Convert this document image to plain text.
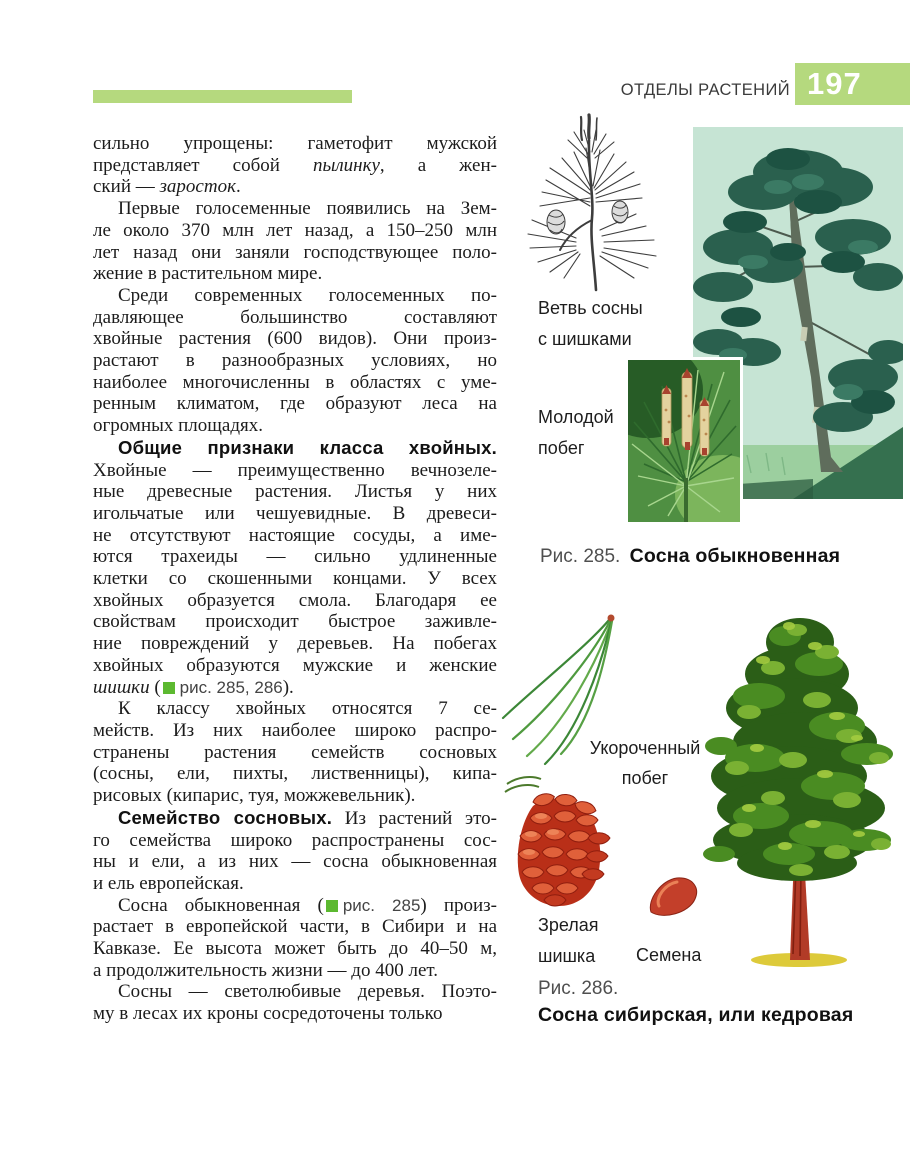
ОТДЕЛЫ РАСТЕНИЙ 197
сильно упрощены: гаметофит мужской
представляет собой пылинку, а жен-
ский — заросток.
Первые голосеменные появились на Зем-
ле около 370 млн лет назад, а 150–250 млн
лет назад они заняли господствующее поло-
жение в растительном мире.
Среди современных голосеменных по-
давляющее большинство составляют
хвойные растения (600 видов). Они произ-
растают в разнообразных условиях, но
наиболее многочисленны в областях с уме-
ренным климатом, где образуют леса на
огромных площадях.
Общие признаки класса хвойных.
Хвойные — преимущественно вечнозеле-
ные древесные растения. Листья у них
игольчатые или чешуевидные. В древеси-
не отсутствуют настоящие сосуды, а име-
ются трахеиды — сильно удлиненные
клетки со скошенными концами. У всех
хвойных образуется смола. Благодаря ее
свойствам происходит быстрое заживле-
ние повреждений у деревьев. На побегах
хвойных образуются мужские и женские
шишки ( рис. 285, 286).
К классу хвойных относятся 7 се-
мейств. Из них наиболее широко распро-
странены растения семейств сосновых
(сосны, ели, пихты, лиственницы), кипа-
рисовых (кипарис, туя, можжевельник).
Семейство сосновых. Из растений это-
го семейства широко распространены сос-
ны и ели, а из них — сосна обыкновенная
и ель европейская.
Сосна обыкновенная ( рис. 285) произ-
растает в европейской части, в Сибири и на
Кавказе. Ее высота может быть до 40–50 м,
а продолжительность жизни — до 400 лет.
Сосны — светолюбивые деревья. Поэто-
му в лесах их кроны сосредоточены только
Ветвь сосны
с шишками
Молодой
побег
Рис. 285. Сосна обыкновенная
Укороченный
побег
Зрелая
шишка	Семена
Рис. 286.
Сосна сибирская, или кедровая
